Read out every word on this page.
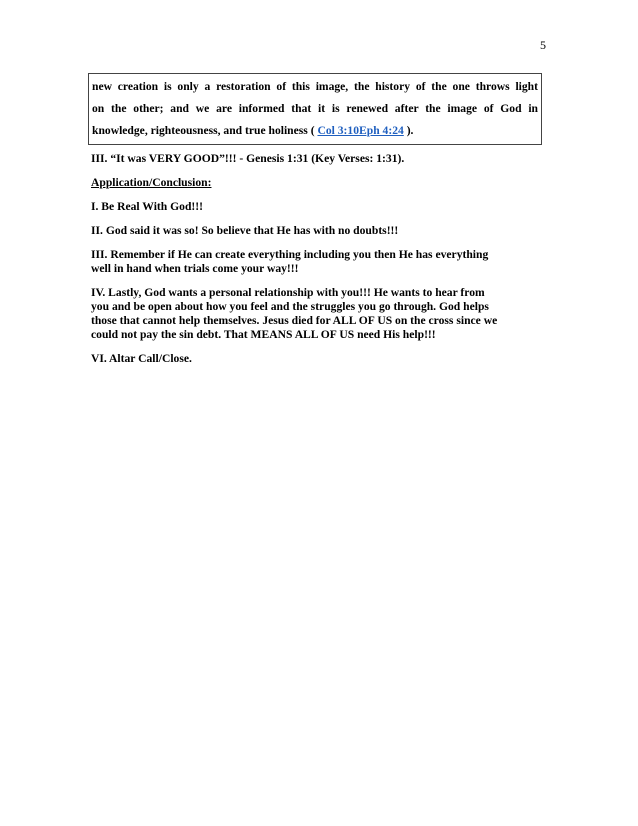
5
new creation is only a restoration of this image, the history of the one throws light
on the other; and we are informed that it is renewed after the image of God in
knowledge, righteousness, and true holiness ( Col 3:10Eph 4:24 ).

III. “It was VERY GOOD”!!! - Genesis 1:31 (Key Verses: 1:31).

Application/Conclusion:

I. Be Real With God!!!

II. God said it was so! So believe that He has with no doubts!!!

III. Remember if He can create everything including you then He has everything
well in hand when trials come your way!!!

IV. Lastly, God wants a personal relationship with you!!! He wants to hear from
you and be open about how you feel and the struggles you go through. God helps
those that cannot help themselves. Jesus died for ALL OF US on the cross since we
could not pay the sin debt. That MEANS ALL OF US need His help!!!

VI. Altar Call/Close.
